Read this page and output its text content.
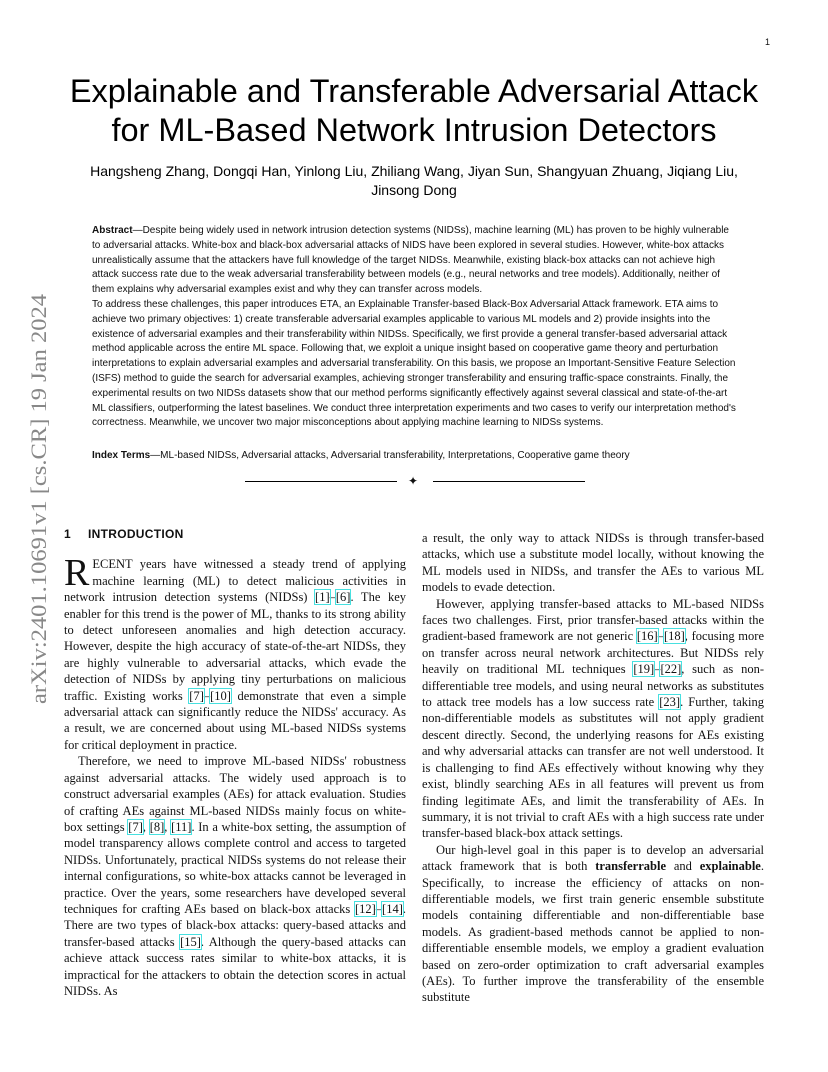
1
arXiv:2401.10691v1 [cs.CR] 19 Jan 2024
Explainable and Transferable Adversarial Attack
for ML-Based Network Intrusion Detectors
Hangsheng Zhang, Dongqi Han, Yinlong Liu, Zhiliang Wang, Jiyan Sun, Shangyuan Zhuang, Jiqiang Liu,
Jinsong Dong

Abstract—Despite being widely used in network intrusion detection systems (NIDSs), machine learning (ML) has proven to be highly vulnerable to adversarial attacks. White-box and black-box adversarial attacks of NIDS have been explored in several studies. However, white-box attacks unrealistically assume that the attackers have full knowledge of the target NIDSs. Meanwhile, existing black-box attacks can not achieve high attack success rate due to the weak adversarial transferability between models (e.g., neural networks and tree models). Additionally, neither of them explains why adversarial examples exist and why they can transfer across models.

To address these challenges, this paper introduces ETA, an Explainable Transfer-based Black-Box Adversarial Attack framework. ETA aims to achieve two primary objectives: 1) create transferable adversarial examples applicable to various ML models and 2) provide insights into the existence of adversarial examples and their transferability within NIDSs. Specifically, we first provide a general transfer-based adversarial attack method applicable across the entire ML space. Following that, we exploit a unique insight based on cooperative game theory and perturbation interpretations to explain adversarial examples and adversarial transferability. On this basis, we propose an Important-Sensitive Feature Selection (ISFS) method to guide the search for adversarial examples, achieving stronger transferability and ensuring traffic-space constraints. Finally, the experimental results on two NIDSs datasets show that our method performs significantly effectively against several classical and state-of-the-art ML classifiers, outperforming the latest baselines. We conduct three interpretation experiments and two cases to verify our interpretation method's correctness. Meanwhile, we uncover two major misconceptions about applying machine learning to NIDSs systems.

Index Terms—ML-based NIDSs, Adversarial attacks, Adversarial transferability, Interpretations, Cooperative game theory
✦
1 INTRODUCTION

RECENT years have witnessed a steady trend of applying machine learning (ML) to detect malicious activities in network intrusion detection systems (NIDSs) [1]–[6]. The key enabler for this trend is the power of ML, thanks to its strong ability to detect unforeseen anomalies and high detection accuracy. However, despite the high accuracy of state-of-the-art NIDSs, they are highly vulnerable to adversarial attacks, which evade the detection of NIDSs by applying tiny perturbations on malicious traffic. Existing works [7]–[10] demonstrate that even a simple adversarial attack can significantly reduce the NIDSs' accuracy. As a result, we are concerned about using ML-based NIDSs systems for critical deployment in practice.

Therefore, we need to improve ML-based NIDSs' robustness against adversarial attacks. The widely used approach is to construct adversarial examples (AEs) for attack evaluation. Studies of crafting AEs against ML-based NIDSs mainly focus on white-box settings [7], [8], [11]. In a white-box setting, the assumption of model transparency allows complete control and access to targeted NIDSs. Unfortunately, practical NIDSs systems do not release their internal configurations, so white-box attacks cannot be leveraged in practice. Over the years, some researchers have developed several techniques for crafting AEs based on black-box attacks [12]–[14]. There are two types of black-box attacks: query-based attacks and transfer-based attacks [15]. Although the query-based attacks can achieve attack success rates similar to white-box attacks, it is impractical for the attackers to obtain the detection scores in actual NIDSs. As

a result, the only way to attack NIDSs is through transfer-based attacks, which use a substitute model locally, without knowing the ML models used in NIDSs, and transfer the AEs to various ML models to evade detection.

However, applying transfer-based attacks to ML-based NIDSs faces two challenges. First, prior transfer-based attacks within the gradient-based framework are not generic [16]–[18], focusing more on transfer across neural network architectures. But NIDSs rely heavily on traditional ML techniques [19]–[22], such as non-differentiable tree models, and using neural networks as substitutes to attack tree models has a low success rate [23]. Further, taking non-differentiable models as substitutes will not apply gradient descent directly. Second, the underlying reasons for AEs existing and why adversarial attacks can transfer are not well understood. It is challenging to find AEs effectively without knowing why they exist, blindly searching AEs in all features will prevent us from finding legitimate AEs, and limit the transferability of AEs. In summary, it is not trivial to craft AEs with a high success rate under transfer-based black-box attack settings.

Our high-level goal in this paper is to develop an adversarial attack framework that is both transferrable and explainable. Specifically, to increase the efficiency of attacks on non-differentiable models, we first train generic ensemble substitute models containing differentiable and non-differentiable base models. As gradient-based methods cannot be applied to non-differentiable ensemble models, we employ a gradient evaluation based on zero-order optimization to craft adversarial examples (AEs). To further improve the transferability of the ensemble substitute
